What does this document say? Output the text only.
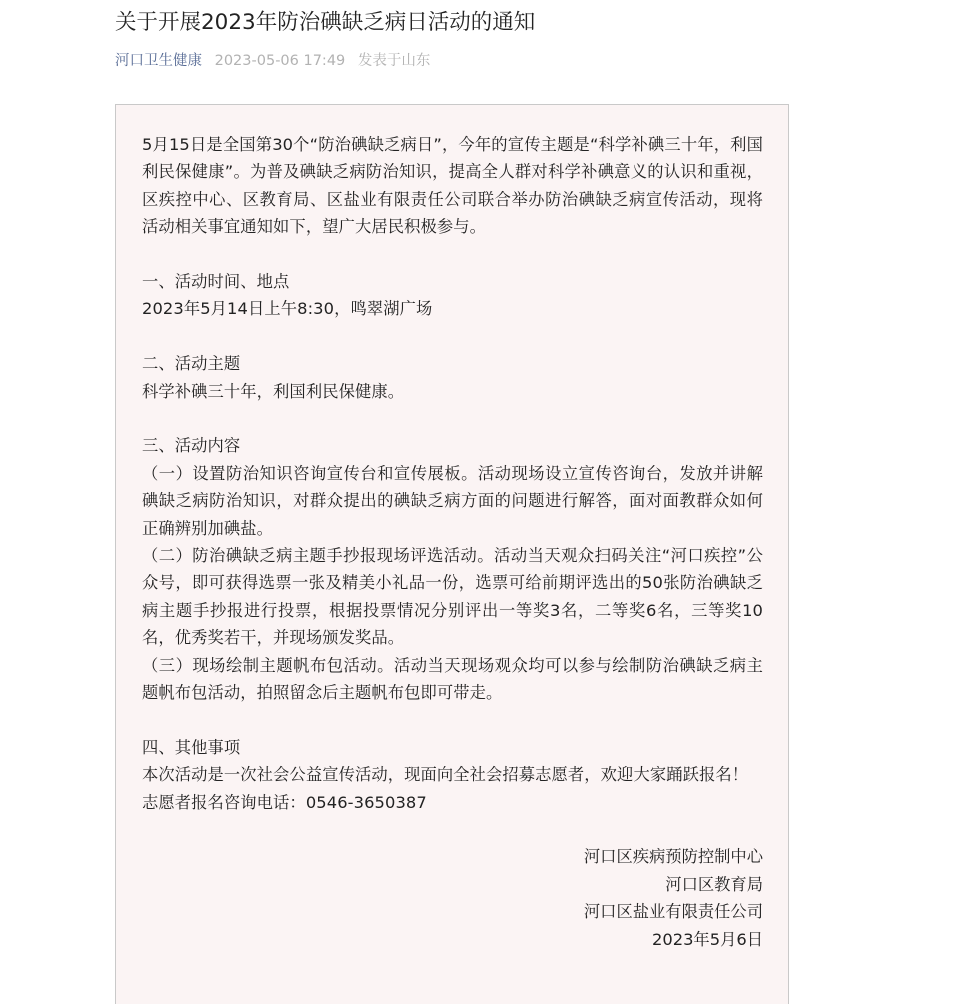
关于开展2023年防治碘缺乏病日活动的通知
河口卫生健康 2023-05-06 17:49 发表于山东

5月15日是全国第30个“防治碘缺乏病日”，今年的宣传主题是“科学补碘三十年，利国利民保健康”。为普及碘缺乏病防治知识，提高全人群对科学补碘意义的认识和重视，区疾控中心、区教育局、区盐业有限责任公司联合举办防治碘缺乏病宣传活动，现将活动相关事宜通知如下，望广大居民积极参与。

一、活动时间、地点

2023年5月14日上午8:30，鸣翠湖广场

二、活动主题

科学补碘三十年，利国利民保健康。

三、活动内容

（一）设置防治知识咨询宣传台和宣传展板。活动现场设立宣传咨询台，发放并讲解碘缺乏病防治知识，对群众提出的碘缺乏病方面的问题进行解答，面对面教群众如何正确辨别加碘盐。

（二）防治碘缺乏病主题手抄报现场评选活动。活动当天观众扫码关注“河口疾控”公众号，即可获得选票一张及精美小礼品一份，选票可给前期评选出的50张防治碘缺乏病主题手抄报进行投票，根据投票情况分别评出一等奖3名，二等奖6名，三等奖10名，优秀奖若干，并现场颁发奖品。

（三）现场绘制主题帆布包活动。活动当天现场观众均可以参与绘制防治碘缺乏病主题帆布包活动，拍照留念后主题帆布包即可带走。

四、其他事项

本次活动是一次社会公益宣传活动，现面向全社会招募志愿者，欢迎大家踊跃报名！

志愿者报名咨询电话：0546-3650387

河口区疾病预防控制中心

河口区教育局

河口区盐业有限责任公司

2023年5月6日
